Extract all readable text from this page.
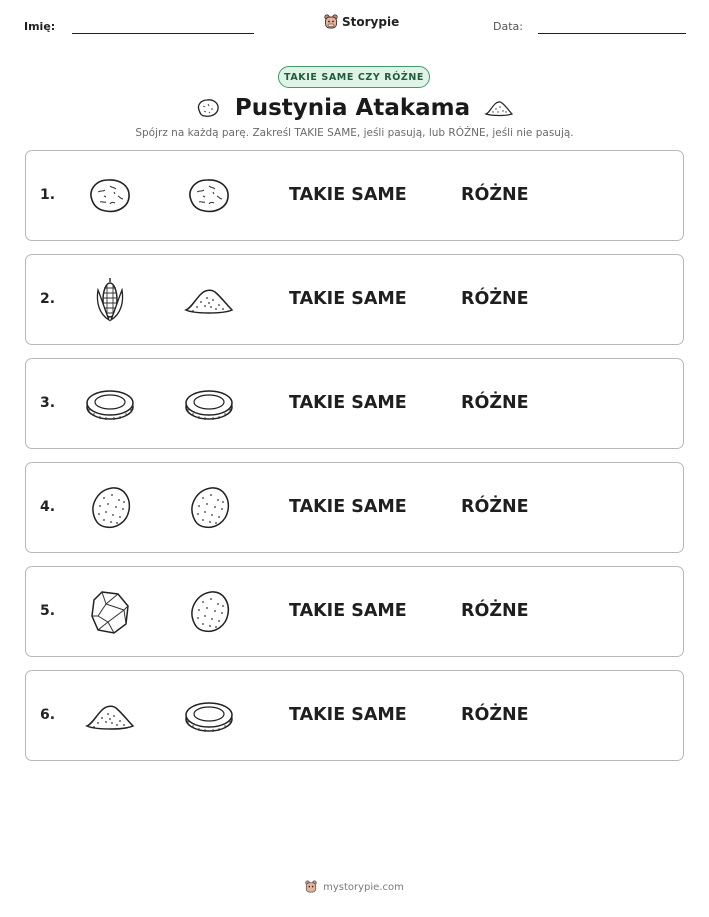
Imię:	Storypie	Data:
TAKIE SAME CZY RÓŻNE
Pustynia Atakama
Spójrz na każdą parę. Zakreśl TAKIE SAME, jeśli pasują, lub RÓŻNE, jeśli nie pasują.
1.	TAKIE SAME	RÓŻNE
2.	TAKIE SAME	RÓŻNE
3.	TAKIE SAME	RÓŻNE
4.	TAKIE SAME	RÓŻNE
5.	TAKIE SAME	RÓŻNE
6.	TAKIE SAME	RÓŻNE
mystorypie.com
